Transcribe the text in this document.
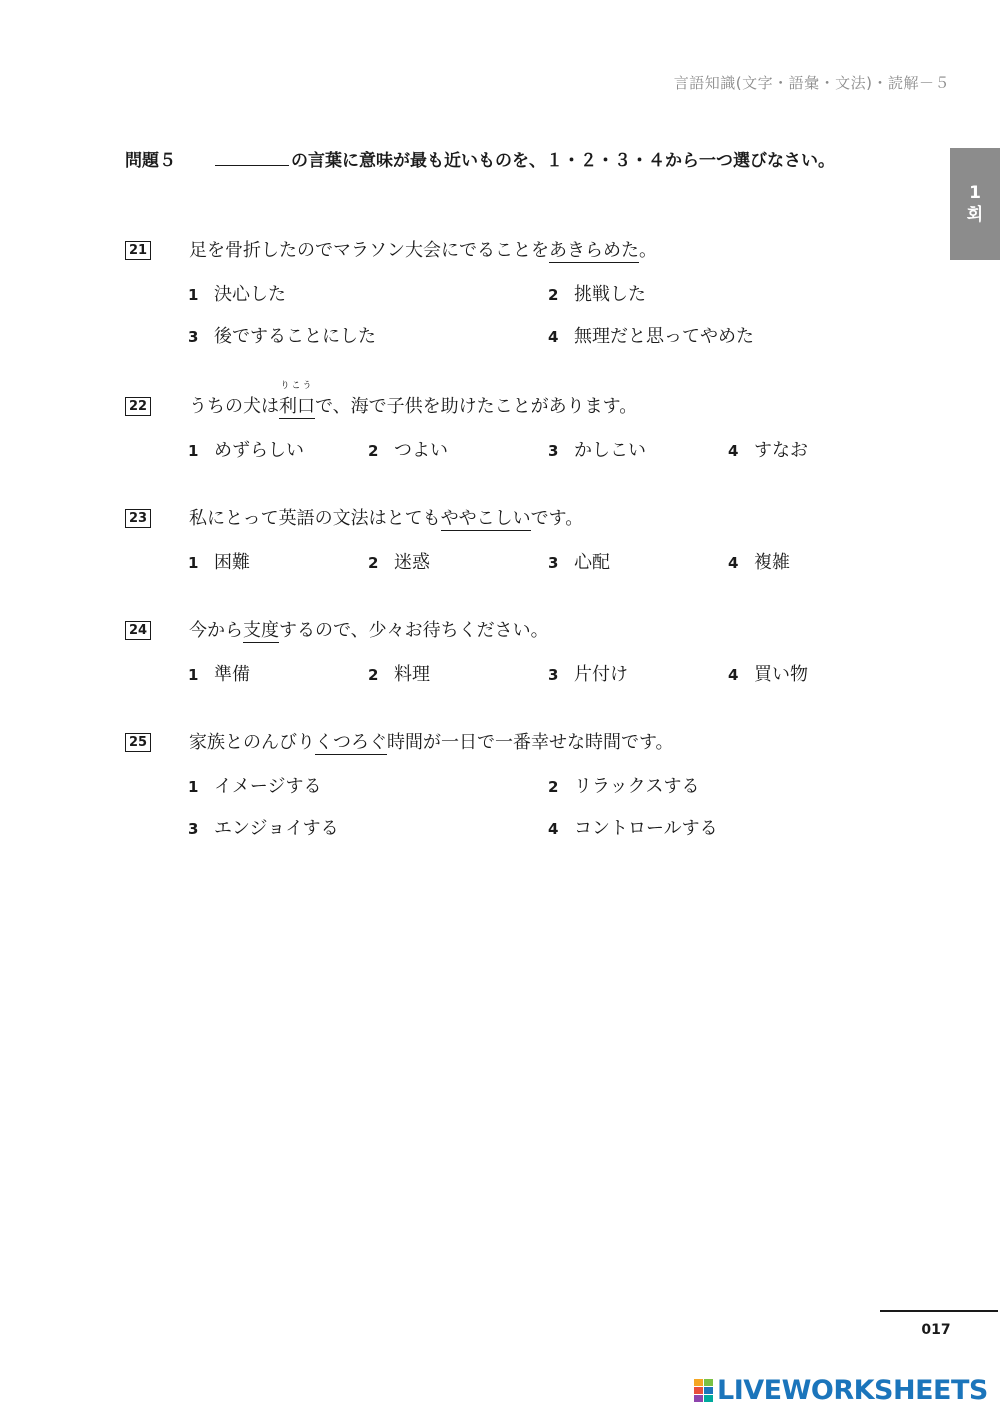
言語知識(文字・語彙・文法)・読解－５
1
회
問題５	の言葉に意味が最も近いものを、１・２・３・４から一つ選びなさい。
21 足を骨折したのでマラソン大会にでることをあきらめた。
1 決心した	2 挑戦した
3 後ですることにした	4 無理だと思ってやめた
22 うちの犬は
りこう
利口で、海で子供を助けたことがあります。
1 めずらしい	2 つよい	3 かしこい	4 すなお
23 私にとって英語の文法はとてもややこしいです。
1 困難	2 迷惑	3 心配	4 複雑
24 今から支度するので、少々お待ちください。
1 準備	2 料理	3 片付け	4 買い物
25 家族とのんびりくつろぐ時間が一日で一番幸せな時間です。
1 イメージする	2 リラックスする
3 エンジョイする	4 コントロールする
017
LIVEWORKSHEETS
